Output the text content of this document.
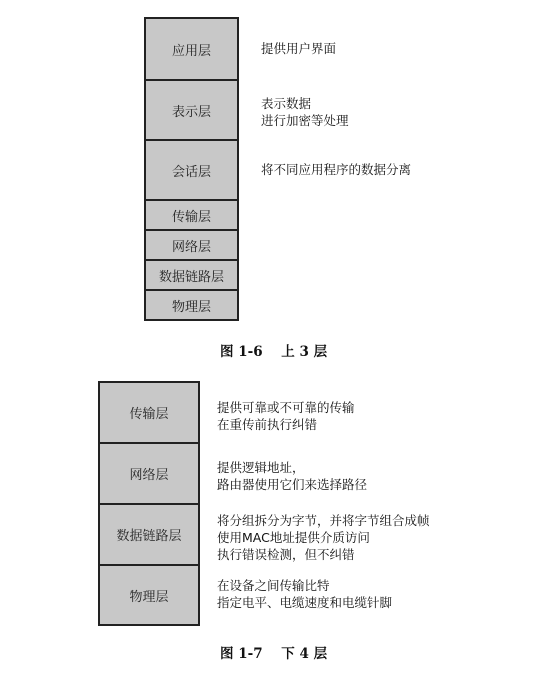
应用层
表示层
会话层
传输层
网络层
数据链路层
物理层
提供用户界面
表示数据
进行加密等处理
将不同应用程序的数据分离
图 1-6 上 3 层
传输层
网络层
数据链路层
物理层
提供可靠或不可靠的传输
在重传前执行纠错
提供逻辑地址，
路由器使用它们来选择路径
将分组拆分为字节，并将字节组合成帧
使用MAC地址提供介质访问
执行错误检测，但不纠错
在设备之间传输比特
指定电平、电缆速度和电缆针脚
图 1-7 下 4 层
